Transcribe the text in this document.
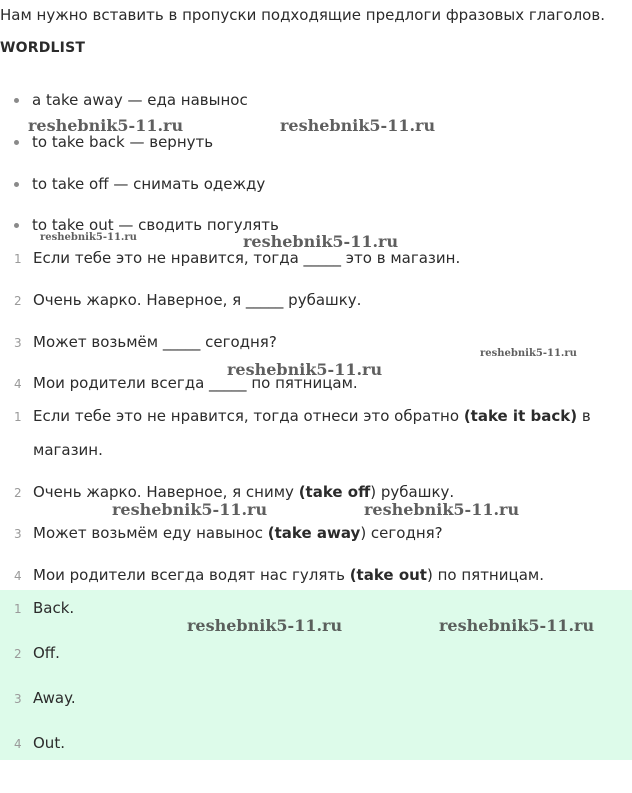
Нам нужно вставить в пропуски подходящие предлоги фразовых глаголов.
WORDLIST
a take away — еда навынос
to take back — вернуть
to take off — снимать одежду
to take out — сводить погулять
1 Если тебе это не нравится, тогда _____ это в магазин.
2 Очень жарко. Наверное, я _____ рубашку.
3 Может возьмём _____ сегодня?
4 Мои родители всегда _____ по пятницам.
1 Если тебе это не нравится, тогда отнеси это обратно (take it back) в
магазин.
2 Очень жарко. Наверное, я сниму (take off) рубашку.
3 Может возьмём еду навынос (take away) сегодня?
4 Мои родители всегда водят нас гулять (take out) по пятницам.
1 Back.
2 Off.
3 Away.
4 Out.
reshebnik5-11.ru	reshebnik5-11.ru
reshebnik5-11.ru	reshebnik5-11.ru
reshebnik5-11.ru
reshebnik5-11.ru
reshebnik5-11.ru	reshebnik5-11.ru
reshebnik5-11.ru	reshebnik5-11.ru
